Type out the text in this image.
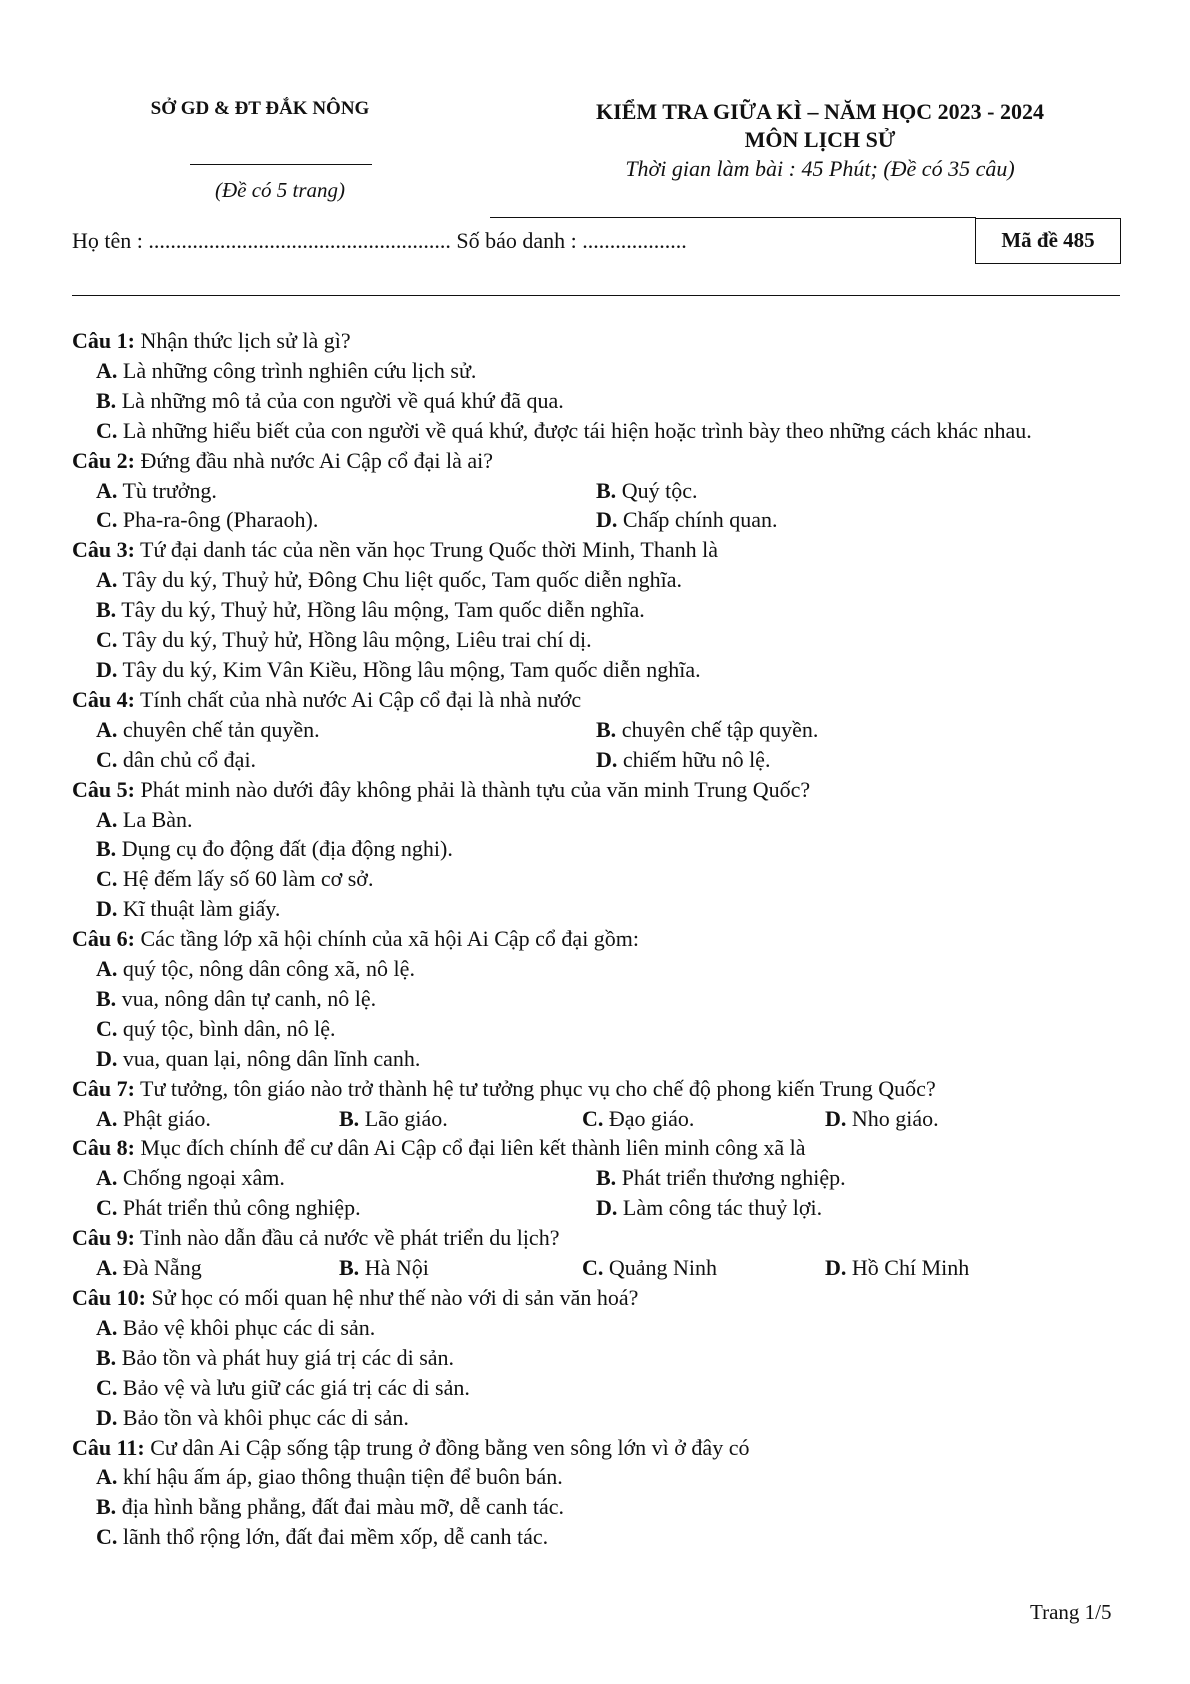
SỞ GD & ĐT ĐẮK NÔNG
(Đề có 5 trang)
KIỂM TRA GIỮA KÌ – NĂM HỌC 2023 - 2024
MÔN LỊCH SỬ
Thời gian làm bài : 45 Phút; (Đề có 35 câu)
Họ tên : ....................................................... Số báo danh : ...................	Mã đề 485
Câu 1: Nhận thức lịch sử là gì?
A. Là những công trình nghiên cứu lịch sử.
B. Là những mô tả của con người về quá khứ đã qua.
C. Là những hiểu biết của con người về quá khứ, được tái hiện hoặc trình bày theo những cách khác nhau.
Câu 2: Đứng đầu nhà nước Ai Cập cổ đại là ai?
A. Tù trưởng.	B. Quý tộc.
C. Pha-ra-ông (Pharaoh).	D. Chấp chính quan.
Câu 3: Tứ đại danh tác của nền văn học Trung Quốc thời Minh, Thanh là
A. Tây du ký, Thuỷ hử, Đông Chu liệt quốc, Tam quốc diễn nghĩa.
B. Tây du ký, Thuỷ hử, Hồng lâu mộng, Tam quốc diễn nghĩa.
C. Tây du ký, Thuỷ hử, Hồng lâu mộng, Liêu trai chí dị.
D. Tây du ký, Kim Vân Kiều, Hồng lâu mộng, Tam quốc diễn nghĩa.
Câu 4: Tính chất của nhà nước Ai Cập cổ đại là nhà nước
A. chuyên chế tản quyền.	B. chuyên chế tập quyền.
C. dân chủ cổ đại.	D. chiếm hữu nô lệ.
Câu 5: Phát minh nào dưới đây không phải là thành tựu của văn minh Trung Quốc?
A. La Bàn.
B. Dụng cụ đo động đất (địa động nghi).
C. Hệ đếm lấy số 60 làm cơ sở.
D. Kĩ thuật làm giấy.
Câu 6: Các tầng lớp xã hội chính của xã hội Ai Cập cổ đại gồm:
A. quý tộc, nông dân công xã, nô lệ.
B. vua, nông dân tự canh, nô lệ.
C. quý tộc, bình dân, nô lệ.
D. vua, quan lại, nông dân lĩnh canh.
Câu 7: Tư tưởng, tôn giáo nào trở thành hệ tư tưởng phục vụ cho chế độ phong kiến Trung Quốc?
A. Phật giáo.	B. Lão giáo.	C. Đạo giáo.	D. Nho giáo.
Câu 8: Mục đích chính để cư dân Ai Cập cổ đại liên kết thành liên minh công xã là
A. Chống ngoại xâm.	B. Phát triển thương nghiệp.
C. Phát triển thủ công nghiệp.	D. Làm công tác thuỷ lợi.
Câu 9: Tỉnh nào dẫn đầu cả nước về phát triển du lịch?
A. Đà Nẵng	B. Hà Nội	C. Quảng Ninh	D. Hồ Chí Minh
Câu 10: Sử học có mối quan hệ như thế nào với di sản văn hoá?
A. Bảo vệ khôi phục các di sản.
B. Bảo tồn và phát huy giá trị các di sản.
C. Bảo vệ và lưu giữ các giá trị các di sản.
D. Bảo tồn và khôi phục các di sản.
Câu 11: Cư dân Ai Cập sống tập trung ở đồng bằng ven sông lớn vì ở đây có
A. khí hậu ấm áp, giao thông thuận tiện để buôn bán.
B. địa hình bằng phẳng, đất đai màu mỡ, dễ canh tác.
C. lãnh thổ rộng lớn, đất đai mềm xốp, dễ canh tác.
Trang 1/5
